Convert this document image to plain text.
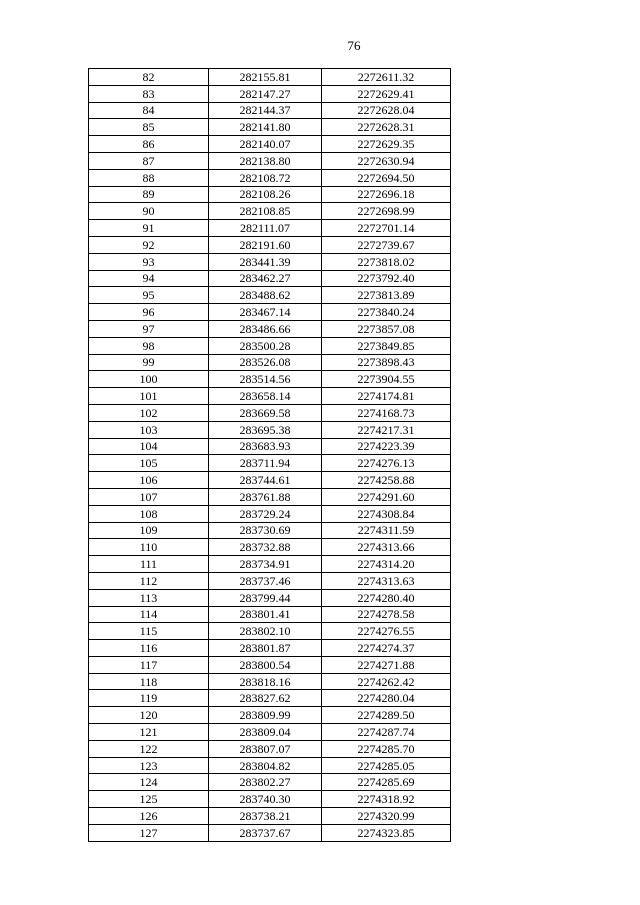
76
82	282155.81	2272611.32
83	282147.27	2272629.41
84	282144.37	2272628.04
85	282141.80	2272628.31
86	282140.07	2272629.35
87	282138.80	2272630.94
88	282108.72	2272694.50
89	282108.26	2272696.18
90	282108.85	2272698.99
91	282111.07	2272701.14
92	282191.60	2272739.67
93	283441.39	2273818.02
94	283462.27	2273792.40
95	283488.62	2273813.89
96	283467.14	2273840.24
97	283486.66	2273857.08
98	283500.28	2273849.85
99	283526.08	2273898.43
100	283514.56	2273904.55
101	283658.14	2274174.81
102	283669.58	2274168.73
103	283695.38	2274217.31
104	283683.93	2274223.39
105	283711.94	2274276.13
106	283744.61	2274258.88
107	283761.88	2274291.60
108	283729.24	2274308.84
109	283730.69	2274311.59
110	283732.88	2274313.66
111	283734.91	2274314.20
112	283737.46	2274313.63
113	283799.44	2274280.40
114	283801.41	2274278.58
115	283802.10	2274276.55
116	283801.87	2274274.37
117	283800.54	2274271.88
118	283818.16	2274262.42
119	283827.62	2274280.04
120	283809.99	2274289.50
121	283809.04	2274287.74
122	283807.07	2274285.70
123	283804.82	2274285.05
124	283802.27	2274285.69
125	283740.30	2274318.92
126	283738.21	2274320.99
127	283737.67	2274323.85
